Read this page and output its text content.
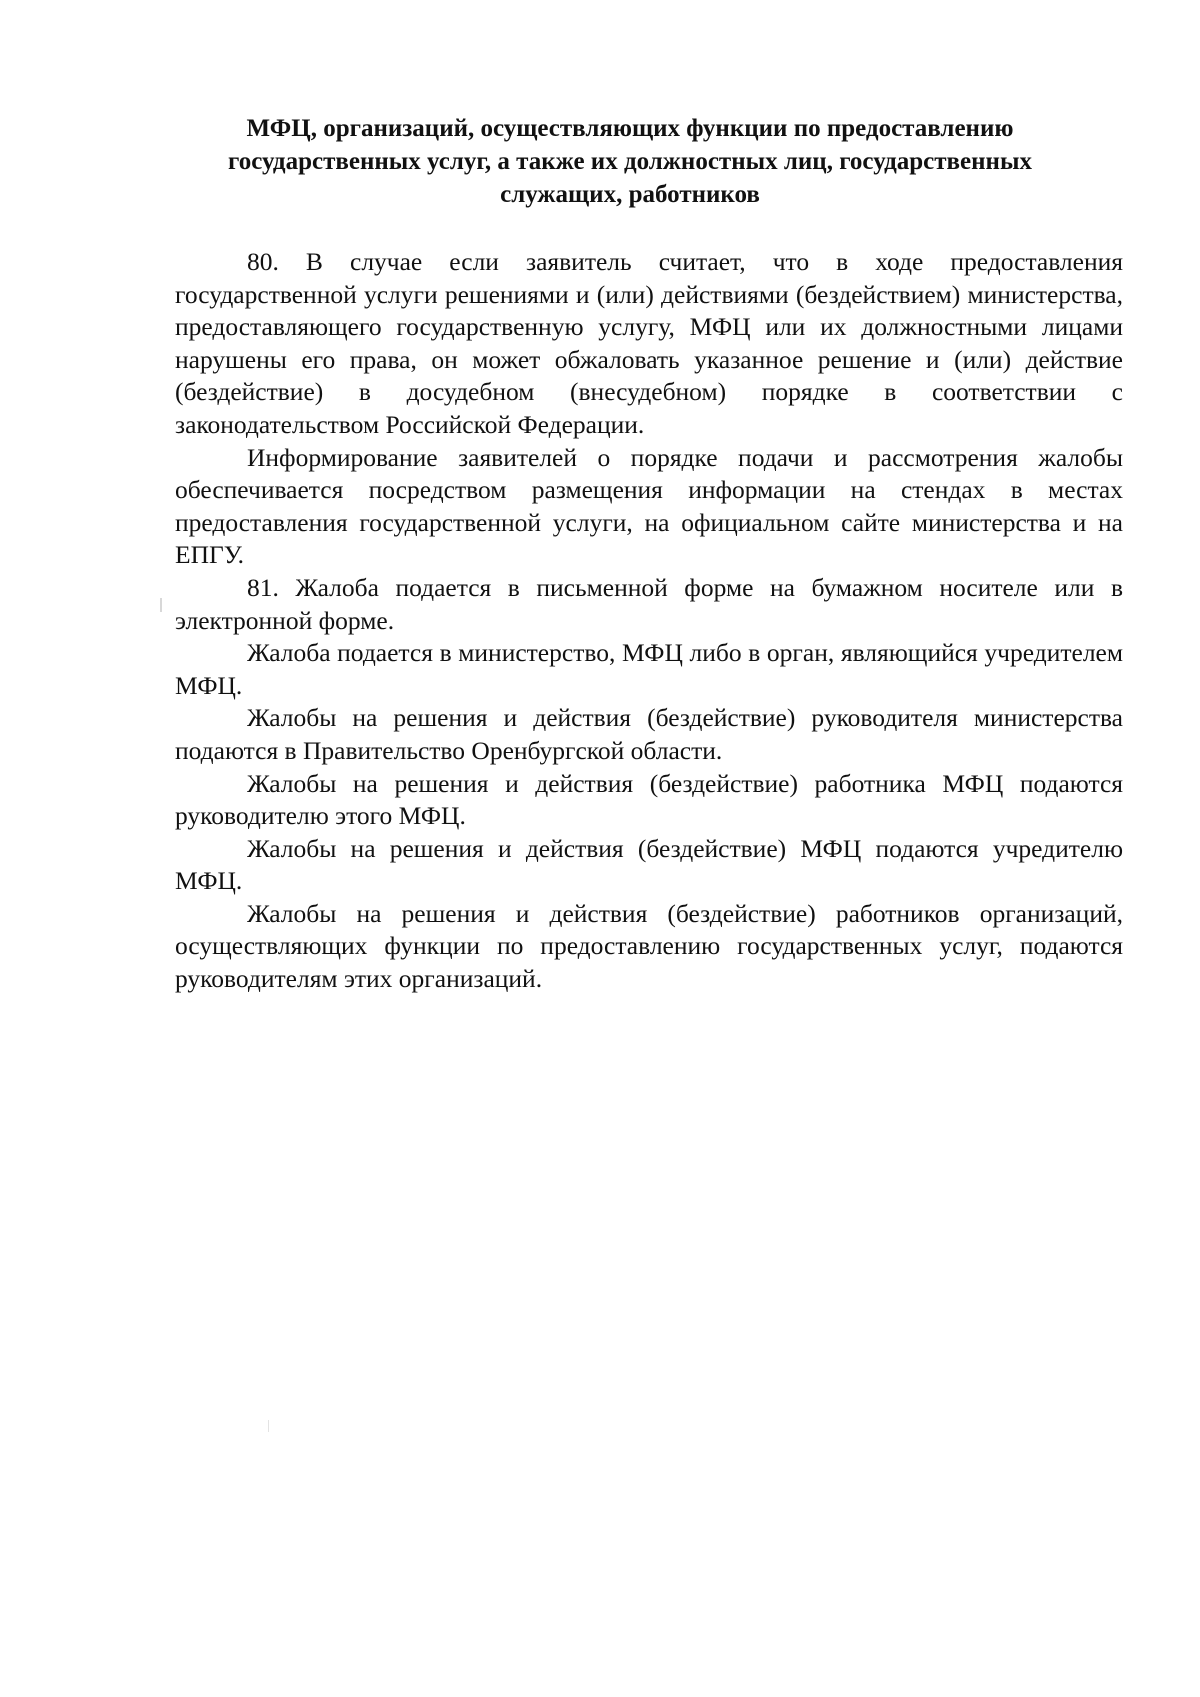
МФЦ, организаций, осуществляющих функции по предоставлению
государственных услуг, а также их должностных лиц, государственных
служащих, работников

80. В случае если заявитель считает, что в ходе предоставления государственной услуги решениями и (или) действиями (бездействием) министерства, предоставляющего государственную услугу, МФЦ или их должностными лицами нарушены его права, он может обжаловать указанное решение и (или) действие (бездействие) в досудебном (внесудебном) порядке в соответствии с законодательством Российской Федерации.

Информирование заявителей о порядке подачи и рассмотрения жалобы обеспечивается посредством размещения информации на стендах в местах предоставления государственной услуги, на официальном сайте министерства и на ЕПГУ.

81. Жалоба подается в письменной форме на бумажном носителе или в электронной форме.

Жалоба подается в министерство, МФЦ либо в орган, являющийся учредителем МФЦ.

Жалобы на решения и действия (бездействие) руководителя министерства подаются в Правительство Оренбургской области.

Жалобы на решения и действия (бездействие) работника МФЦ подаются руководителю этого МФЦ.

Жалобы на решения и действия (бездействие) МФЦ подаются учредителю МФЦ.

Жалобы на решения и действия (бездействие) работников организаций, осуществляющих функции по предоставлению государственных услуг, подаются руководителям этих организаций.
